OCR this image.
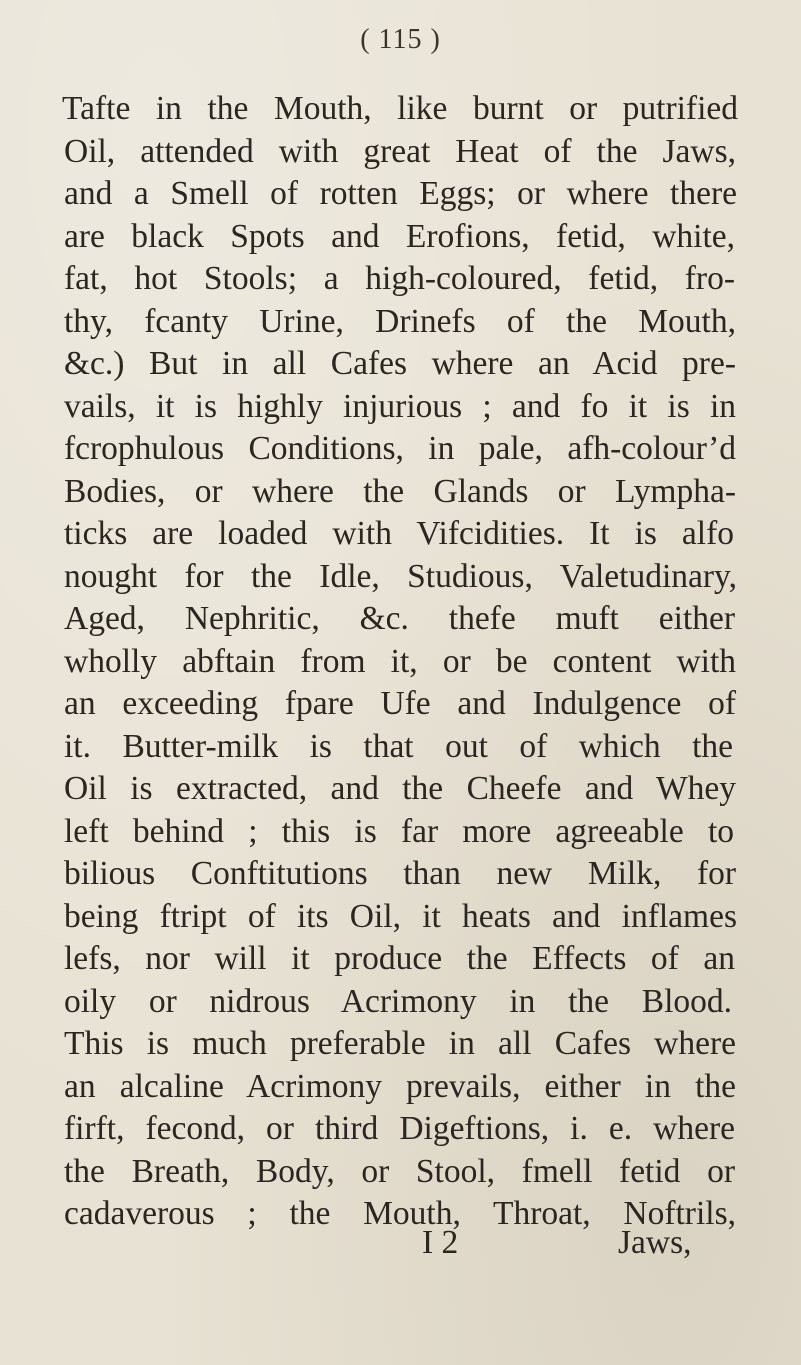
( 115 )
Tafte in the Mouth, like burnt or putrified
Oil, attended with great Heat of the Jaws,
and a Smell of rotten Eggs; or where there
are black Spots and Erofions, fetid, white,
fat, hot Stools; a high-coloured, fetid, fro-
thy, fcanty Urine, Drinefs of the Mouth,
&c.) But in all Cafes where an Acid pre-
vails, it is highly injurious ; and fo it is in
fcrophulous Conditions, in pale, afh-colour’d
Bodies, or where the Glands or Lympha-
ticks are loaded with Vifcidities. It is alfo
nought for the Idle, Studious, Valetudinary,
Aged, Nephritic, &c. thefe muft either
wholly abftain from it, or be content with
an exceeding fpare Ufe and Indulgence of
it. Butter-milk is that out of which the
Oil is extracted, and the Cheefe and Whey
left behind ; this is far more agreeable to
bilious Conftitutions than new Milk, for
being ftript of its Oil, it heats and inflames
lefs, nor will it produce the Effects of an
oily or nidrous Acrimony in the Blood.
This is much preferable in all Cafes where
an alcaline Acrimony prevails, either in the
firft, fecond, or third Digeftions, i. e. where
the Breath, Body, or Stool, fmell fetid or
cadaverous ; the Mouth, Throat, Noftrils,
I 2	Jaws,
